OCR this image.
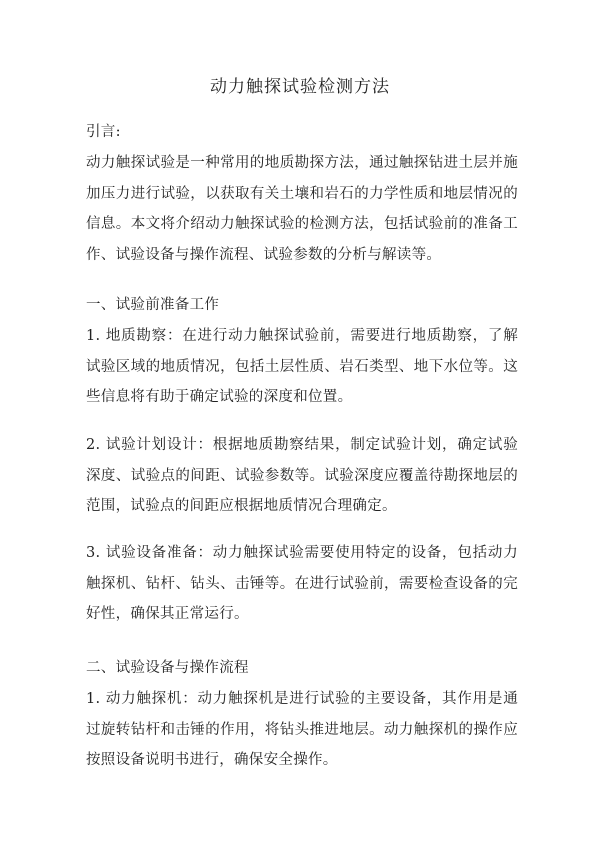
动力触探试验检测方法

引言:

动力触探试验是一种常用的地质勘探方法，通过触探钻进土层并施加压力进行试验，以获取有关土壤和岩石的力学性质和地层情况的信息。本文将介绍动力触探试验的检测方法，包括试验前的准备工作、试验设备与操作流程、试验参数的分析与解读等。

一、试验前准备工作

1. 地质勘察：在进行动力触探试验前，需要进行地质勘察，了解试验区域的地质情况，包括土层性质、岩石类型、地下水位等。这些信息将有助于确定试验的深度和位置。

2. 试验计划设计：根据地质勘察结果，制定试验计划，确定试验深度、试验点的间距、试验参数等。试验深度应覆盖待勘探地层的范围，试验点的间距应根据地质情况合理确定。

3. 试验设备准备：动力触探试验需要使用特定的设备，包括动力触探机、钻杆、钻头、击锤等。在进行试验前，需要检查设备的完好性，确保其正常运行。

二、试验设备与操作流程

1. 动力触探机：动力触探机是进行试验的主要设备，其作用是通过旋转钻杆和击锤的作用，将钻头推进地层。动力触探机的操作应按照设备说明书进行，确保安全操作。
